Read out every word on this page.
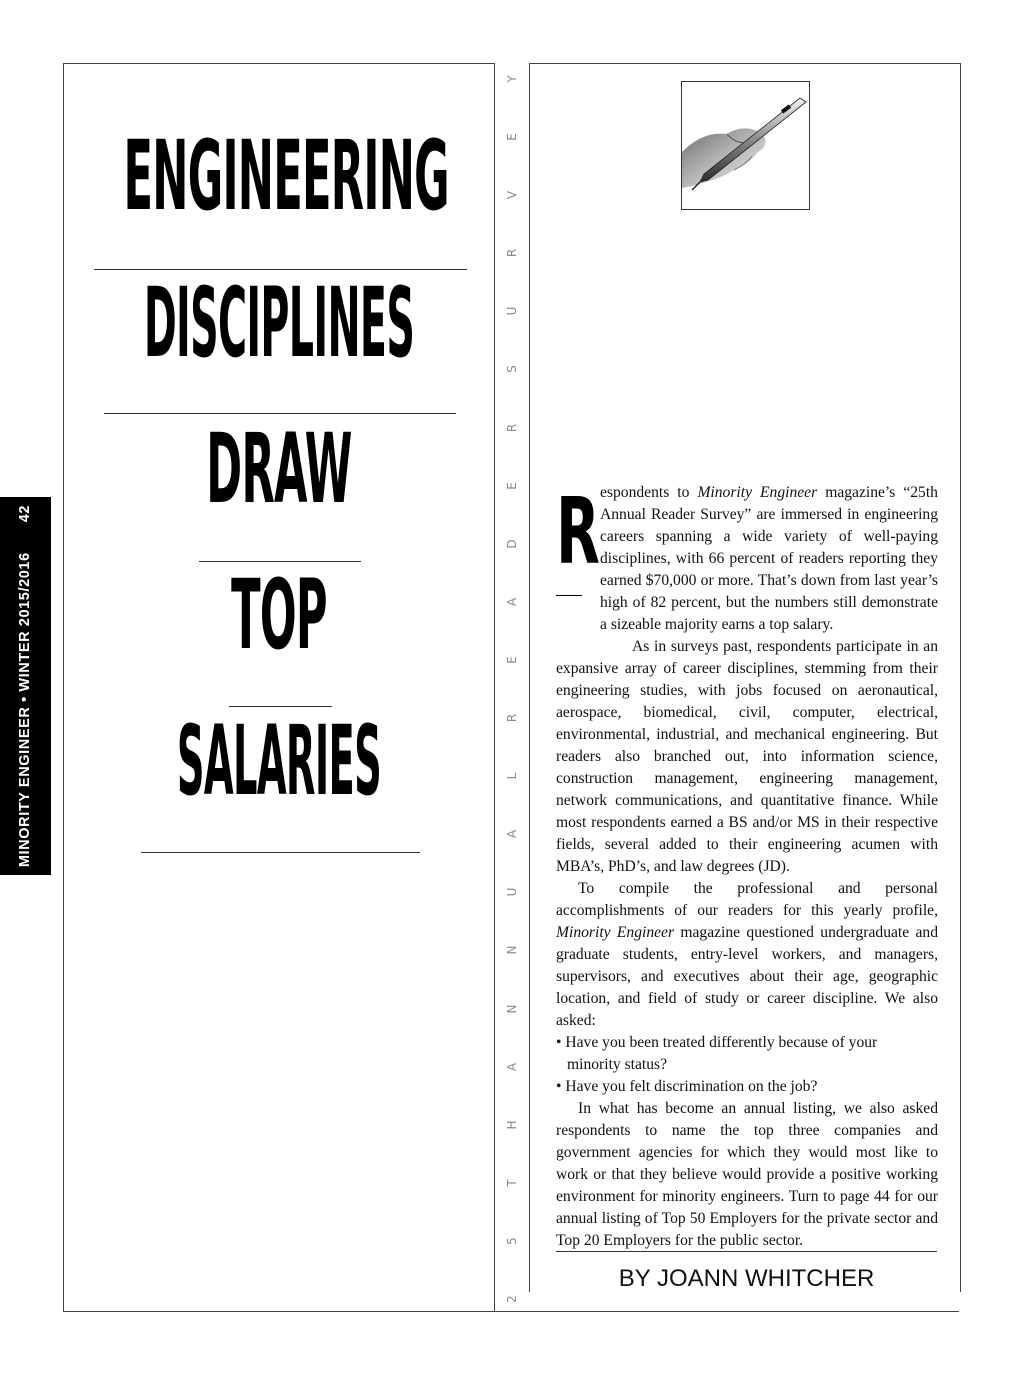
MINORITY ENGINEER • WINTER 2015/201642
ENGINEERING
DISCIPLINES
DRAW
TOP
SALARIES
2
5
T
H
A
N
N
U
A
L
R
E
A
D
E
R
S
U
R
V
E
Y
R espondents to Minority Engineer magazine’s “25th Annual Reader Survey” are immersed in engineering careers spanning a wide variety of well-paying disciplines, with 66 percent of readers reporting they earned $70,000 or more. That’s down from last year’s high of 82 percent, but the numbers still demonstrate a sizeable majority earns a top salary.

As in surveys past, respondents participate in an expansive array of career disciplines, stemming from their engineering studies, with jobs focused on aeronautical, aerospace, biomedical, civil, computer, electrical, environmental, industrial, and mechanical engineering. But readers also branched out, into information science, construction management, engineering management, network communications, and quantitative finance. While most respondents earned a BS and/or MS in their respective fields, several added to their engineering acumen with MBA’s, PhD’s, and law degrees (JD).

To compile the professional and personal accomplishments of our readers for this yearly profile, Minority Engineer magazine questioned undergraduate and graduate students, entry-level workers, and managers, supervisors, and executives about their age, geographic location, and field of study or career discipline. We also asked:

• Have you been treated differently because of your
minority status?

• Have you felt discrimination on the job?

In what has become an annual listing, we also asked respondents to name the top three companies and government agencies for which they would most like to work or that they believe would provide a positive working environment for minority engineers. Turn to page 44 for our annual listing of Top 50 Employers for the private sector and Top 20 Employers for the public sector.

BY JOANN WHITCHER
